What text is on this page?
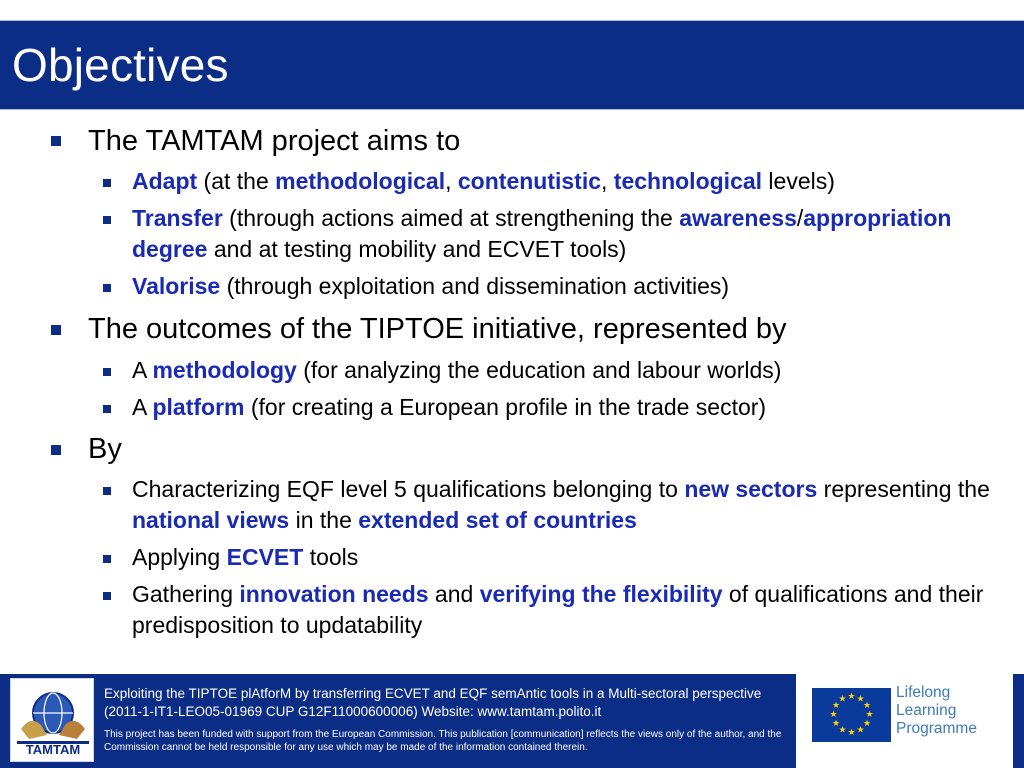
Objectives
The TAMTAM project aims to
Adapt (at the methodological, contenutistic, technological levels)
Transfer (through actions aimed at strengthening the awareness/appropriation degree and at testing mobility and ECVET tools)
Valorise (through exploitation and dissemination activities)
The outcomes of the TIPTOE initiative, represented by
A methodology (for analyzing the education and labour worlds)
A platform (for creating a European profile in the trade sector)
By
Characterizing EQF level 5 qualifications belonging to new sectors representing the national views in the extended set of countries
Applying ECVET tools
Gathering innovation needs and verifying the flexibility of qualifications and their predisposition to updatability
TAMTAM
Exploiting the TIPTOE plAtforM by transferring ECVET and EQF semAntic tools in a Multi-sectoral perspective (2011-1-IT1-LEO05-01969 CUP G12F11000600006) Website: www.tamtam.polito.it
This project has been funded with support from the European Commission. This publication [communication] reflects the views only of the author, and the Commission cannot be held responsible for any use which may be made of the information contained therein.
★ ★
★
★
★
★
★
★
★
★
★
★	Lifelong
Learning
Programme
